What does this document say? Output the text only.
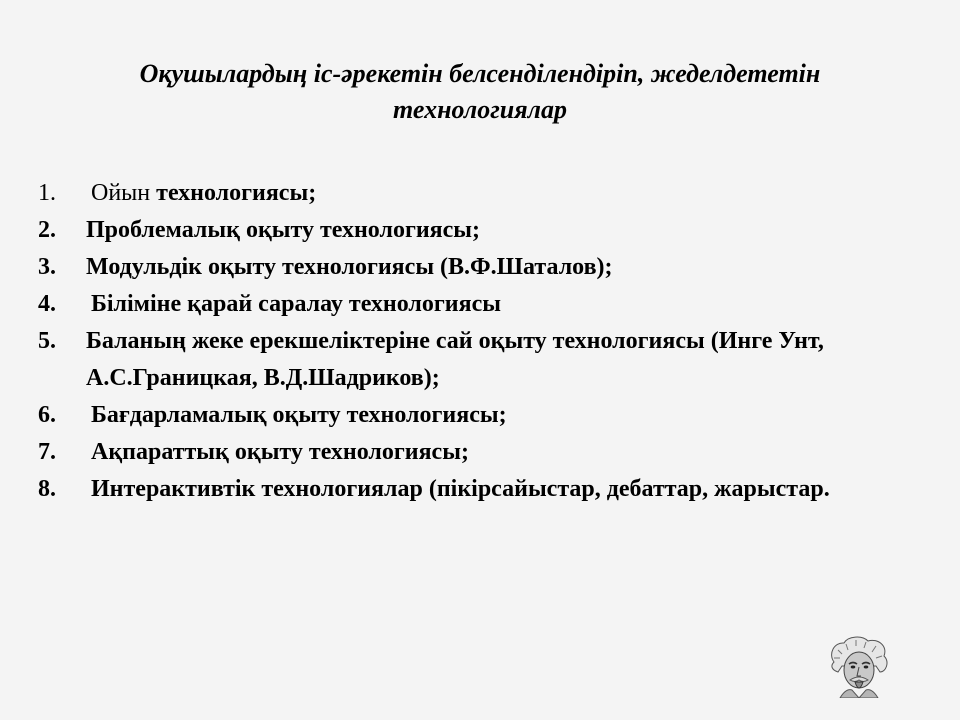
Оқушылардың іс-әрекетін белсенділендіріп, жеделдететін
технологиялар
1.	Ойын технологиясы;
2.	Проблемалық оқыту технологиясы;
3.	Модульдік оқыту технологиясы (В.Ф.Шаталов);
4.	Біліміне қарай саралау технологиясы
5.	Баланың жеке ерекшеліктеріне сай оқыту технологиясы (Инге Унт, А.С.Границкая, В.Д.Шадриков);
6.	Бағдарламалық оқыту технологиясы;
7.	Ақпараттық оқыту технологиясы;
8.	Интерактивтік технологиялар (пікірсайыстар, дебаттар, жарыстар.
